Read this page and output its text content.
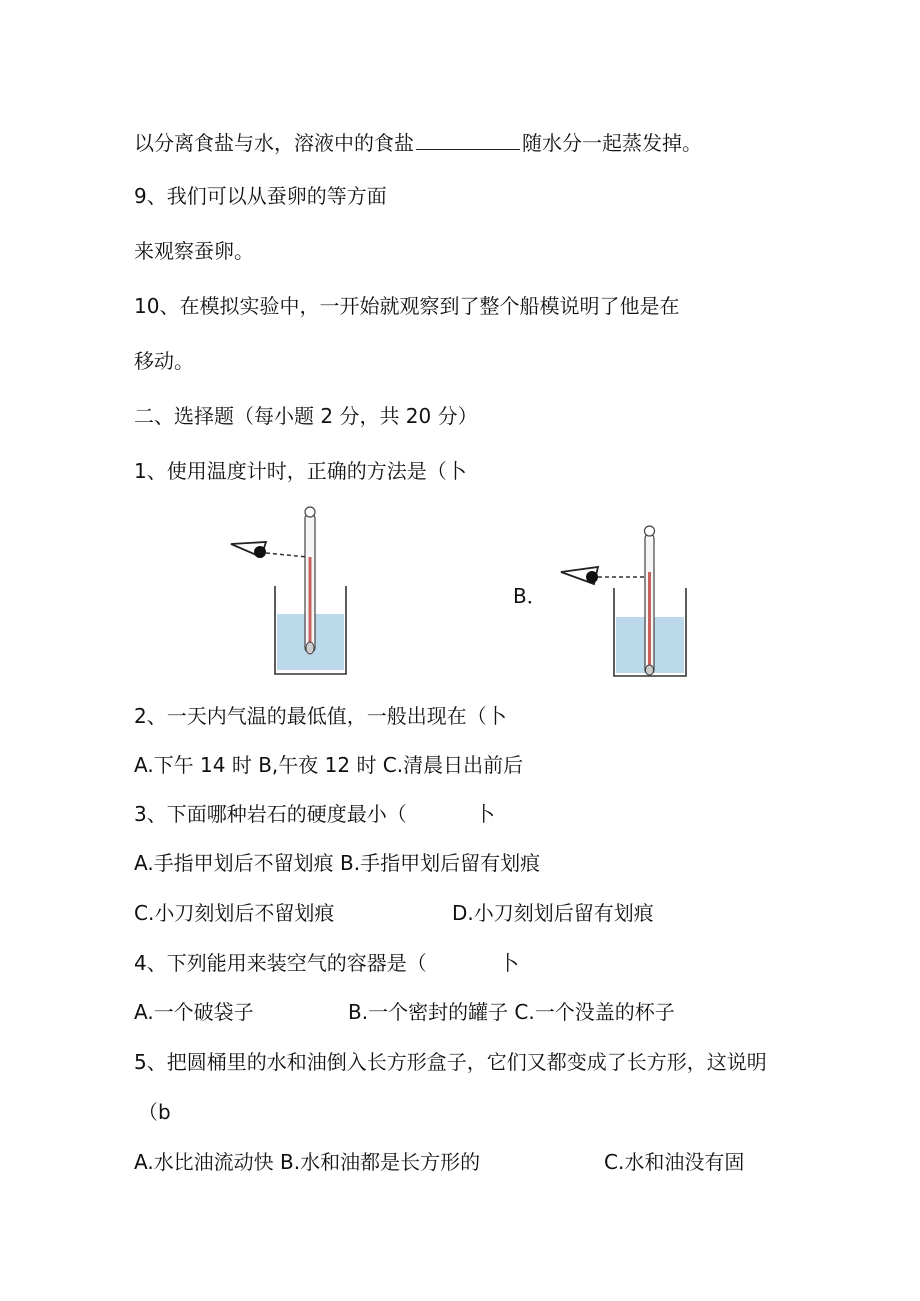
以分离食盐与水，溶液中的食盐	随水分一起蒸发掉。
9、我们可以从蚕卵的等方面
来观察蚕卵。
10、在模拟实验中，一开始就观察到了整个船模说明了他是在
移动。
二、选择题（每小题 2 分，共 20 分）
1、使用温度计时，正确的方法是（卜
B．
2、一天内气温的最低值，一般出现在（卜
A.下午 14 时 B,午夜 12 时 C.清晨日出前后
3、下面哪种岩石的硬度最小（	卜
A.手指甲划后不留划痕 B.手指甲划后留有划痕
C.小刀刻划后不留划痕	D.小刀刻划后留有划痕
4、下列能用来装空气的容器是（	卜
A.一个破袋子	B.一个密封的罐子 C.一个没盖的杯子
5、把圆桶里的水和油倒入长方形盒子，它们又都变成了长方形，这说明
（b
A.水比油流动快 B.水和油都是长方形的	C.水和油没有固
